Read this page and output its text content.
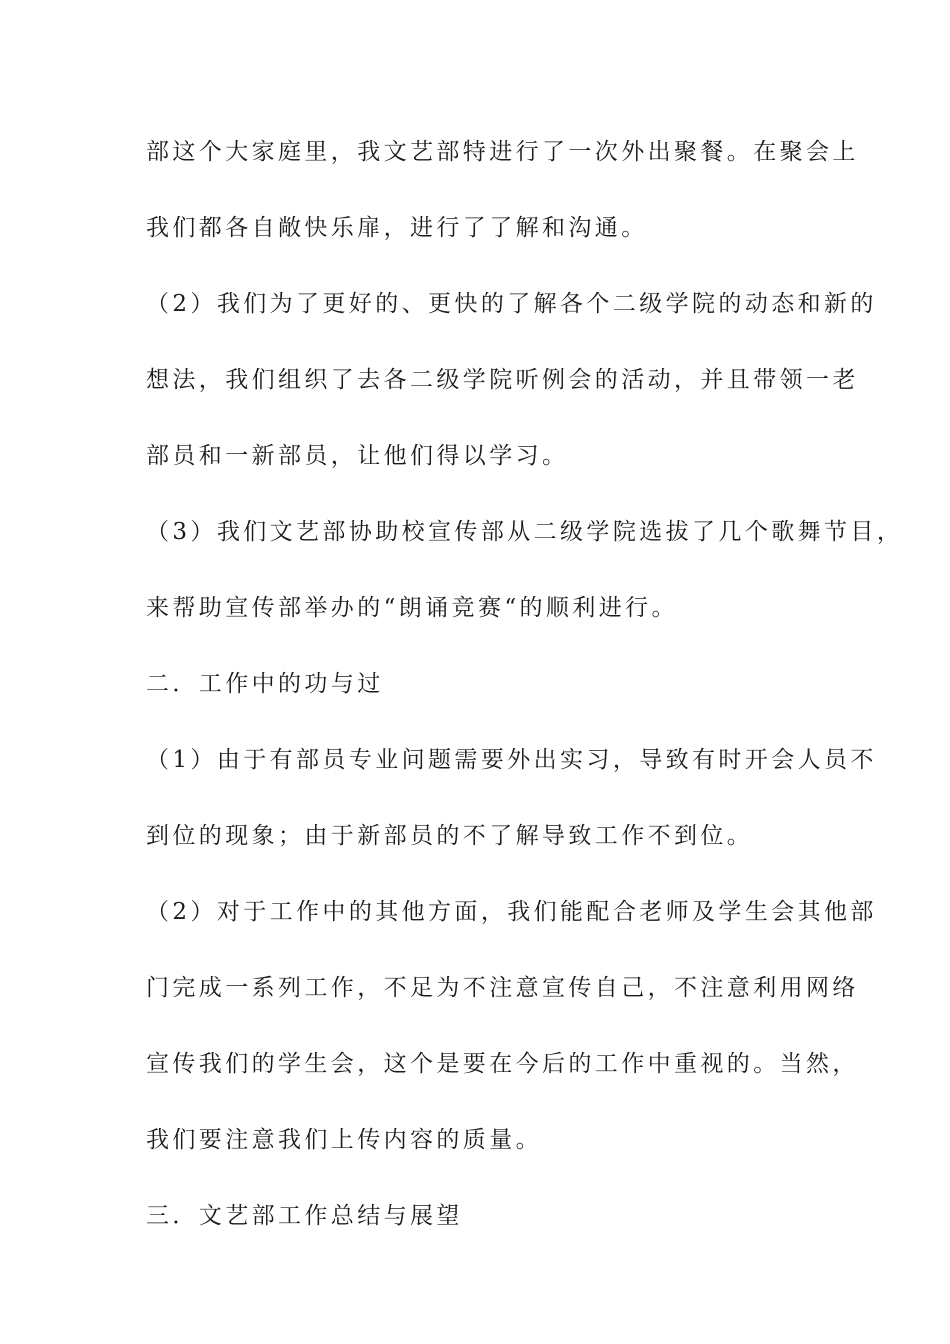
部这个大家庭里，我文艺部特进行了一次外出聚餐。在聚会上
我们都各自敞快乐扉，进行了了解和沟通。
（2）我们为了更好的、更快的了解各个二级学院的动态和新的
想法，我们组织了去各二级学院听例会的活动，并且带领一老
部员和一新部员，让他们得以学习。
（3）我们文艺部协助校宣传部从二级学院选拔了几个歌舞节目，
来帮助宣传部举办的“朗诵竞赛“的顺利进行。
二．工作中的功与过
（1）由于有部员专业问题需要外出实习，导致有时开会人员不
到位的现象；由于新部员的不了解导致工作不到位。
（2）对于工作中的其他方面，我们能配合老师及学生会其他部
门完成一系列工作，不足为不注意宣传自己，不注意利用网络
宣传我们的学生会，这个是要在今后的工作中重视的。当然，
我们要注意我们上传内容的质量。
三．文艺部工作总结与展望
